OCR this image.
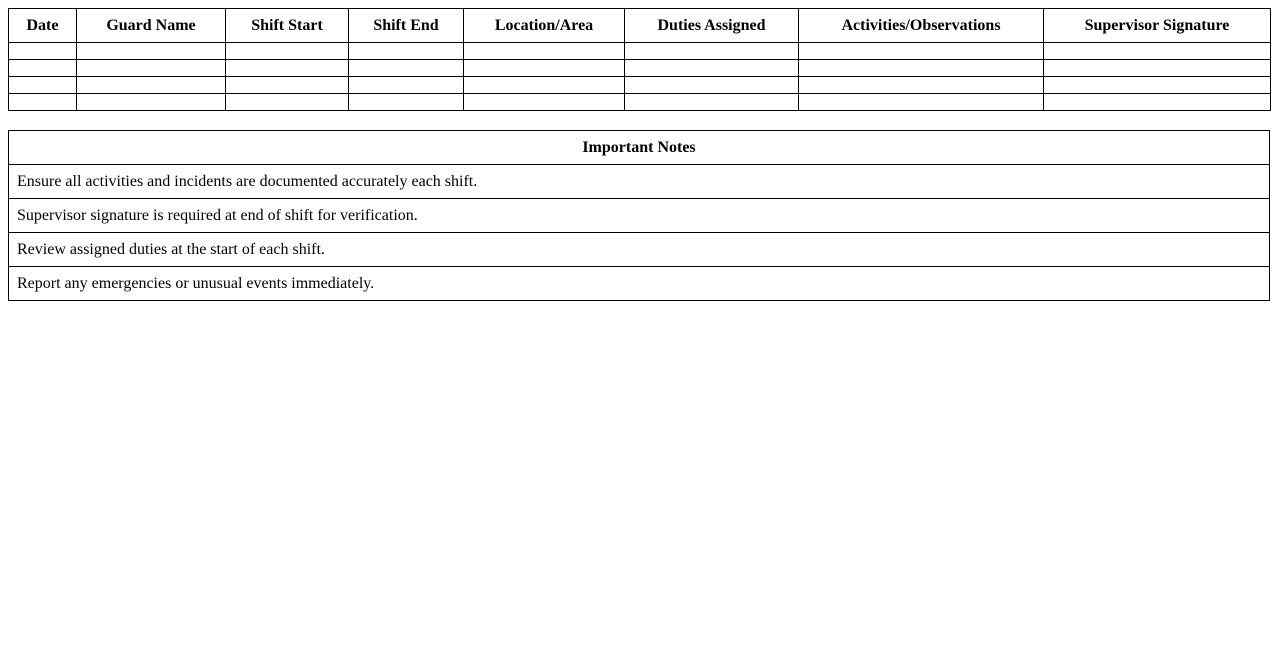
Date	Guard Name	Shift Start	Shift End	Location/Area	Duties Assigned	Activities/Observations	Supervisor Signature

Important Notes
Ensure all activities and incidents are documented accurately each shift.
Supervisor signature is required at end of shift for verification.
Review assigned duties at the start of each shift.
Report any emergencies or unusual events immediately.
